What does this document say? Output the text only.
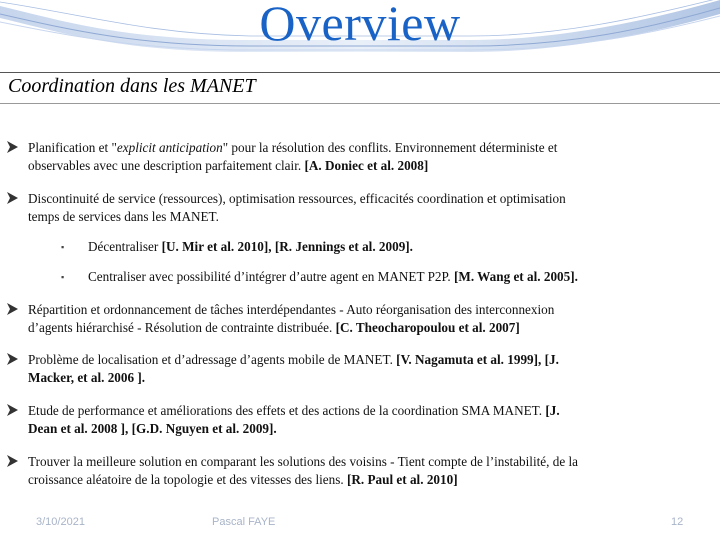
Overview
Coordination dans les MANET
Planification et "explicit anticipation" pour la résolution des conflits. Environnement déterministe et
observables avec une description parfaitement clair. [A. Doniec et al. 2008]
Discontinuité de service (ressources), optimisation ressources, efficacités coordination et optimisation
temps de services dans les MANET.
▪ Décentraliser [U. Mir et al. 2010], [R. Jennings et al. 2009].
▪ Centraliser avec possibilité d’intégrer d’autre agent en MANET P2P. [M. Wang et al. 2005].
Répartition et ordonnancement de tâches interdépendantes - Auto réorganisation des interconnexion
d’agents hiérarchisé - Résolution de contrainte distribuée. [C. Theocharopoulou et al. 2007]
Problème de localisation et d’adressage d’agents mobile de MANET. [V. Nagamuta et al. 1999], [J.
Macker, et al. 2006 ].
Etude de performance et améliorations des effets et des actions de la coordination SMA MANET. [J.
Dean et al. 2008 ], [G.D. Nguyen et al. 2009].
Trouver la meilleure solution en comparant les solutions des voisins - Tient compte de l’instabilité, de la
croissance aléatoire de la topologie et des vitesses des liens. [R. Paul et al. 2010]
3/10/2021	Pascal FAYE	12
